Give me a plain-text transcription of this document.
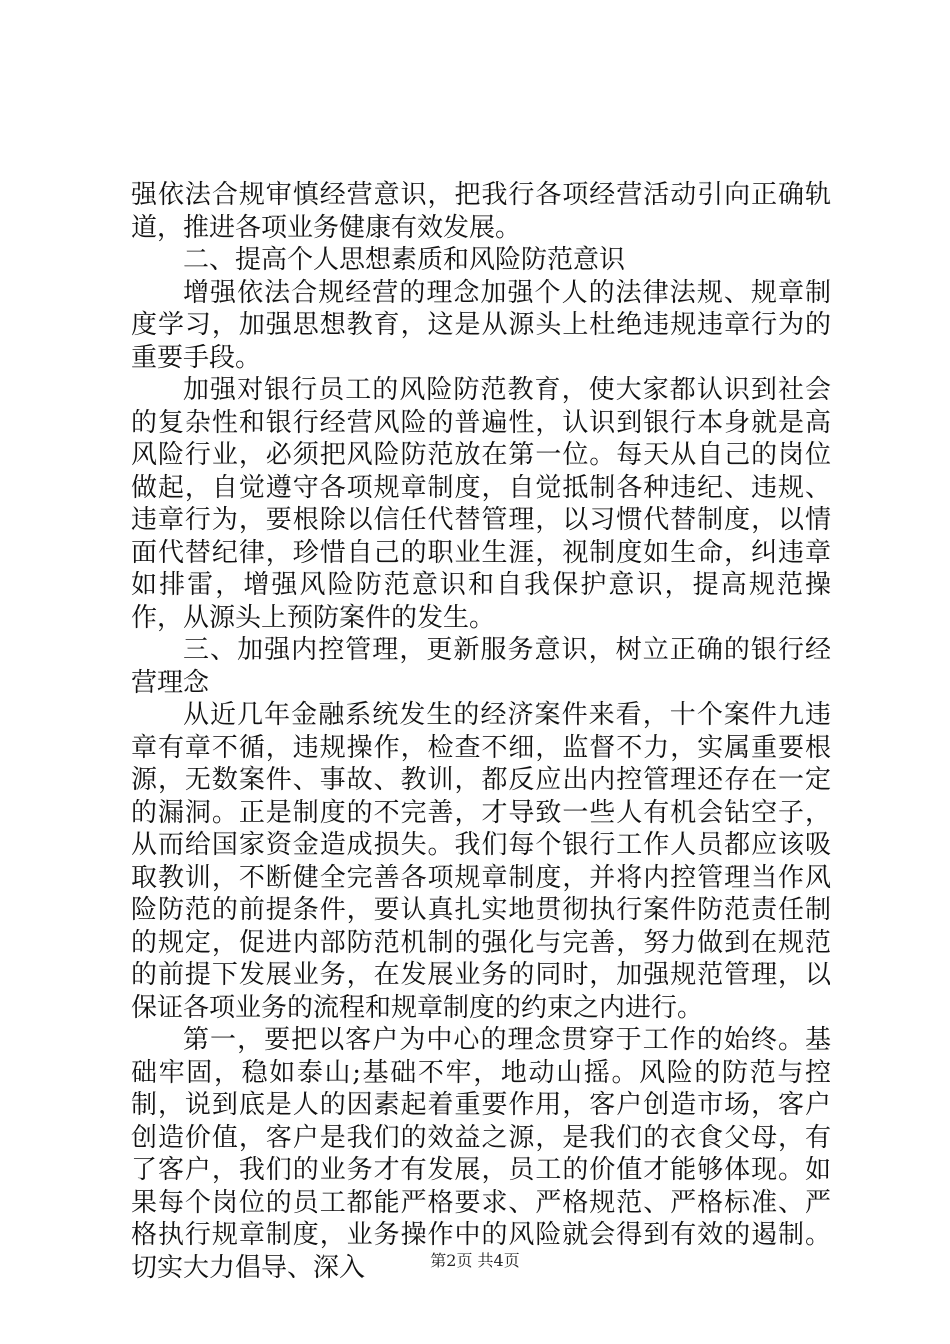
强依法合规审慎经营意识，把我行各项经营活动引向正确轨道，推进各项业务健康有效发展。

二、提高个人思想素质和风险防范意识

增强依法合规经营的理念加强个人的法律法规、规章制度学习，加强思想教育，这是从源头上杜绝违规违章行为的重要手段。

加强对银行员工的风险防范教育，使大家都认识到社会的复杂性和银行经营风险的普遍性，认识到银行本身就是高风险行业，必须把风险防范放在第一位。每天从自己的岗位做起，自觉遵守各项规章制度，自觉抵制各种违纪、违规、违章行为，要根除以信任代替管理，以习惯代替制度，以情面代替纪律，珍惜自己的职业生涯，视制度如生命，纠违章如排雷，增强风险防范意识和自我保护意识，提高规范操作，从源头上预防案件的发生。

三、加强内控管理，更新服务意识，树立正确的银行经营理念

从近几年金融系统发生的经济案件来看，十个案件九违章有章不循，违规操作，检查不细，监督不力，实属重要根源，无数案件、事故、教训，都反应出内控管理还存在一定的漏洞。正是制度的不完善，才导致一些人有机会钻空子，从而给国家资金造成损失。我们每个银行工作人员都应该吸取教训，不断健全完善各项规章制度，并将内控管理当作风险防范的前提条件，要认真扎实地贯彻执行案件防范责任制的规定，促进内部防范机制的强化与完善，努力做到在规范的前提下发展业务，在发展业务的同时，加强规范管理，以保证各项业务的流程和规章制度的约束之内进行。

第一，要把以客户为中心的理念贯穿于工作的始终。基础牢固，稳如泰山;基础不牢，地动山摇。风险的防范与控制，说到底是人的因素起着重要作用，客户创造市场，客户创造价值，客户是我们的效益之源，是我们的衣食父母，有了客户，我们的业务才有发展，员工的价值才能够体现。如果每个岗位的员工都能严格要求、严格规范、严格标准、严格执行规章制度，业务操作中的风险就会得到有效的遏制。切实大力倡导、深入	第2页 共4页
